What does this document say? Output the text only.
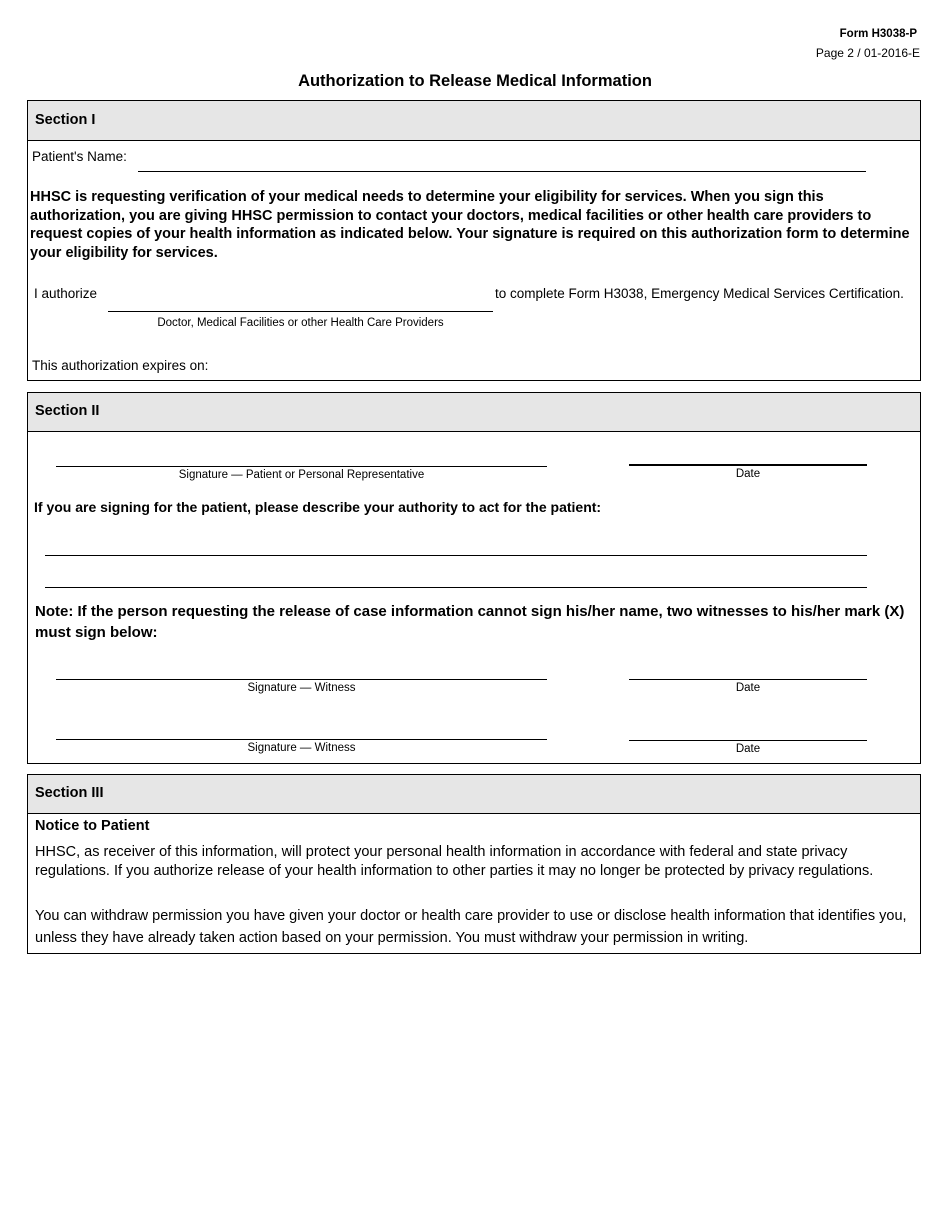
Form H3038-P
Page 2 / 01-2016-E
Authorization to Release Medical Information
Section I
Patient's Name:
HHSC is requesting verification of your medical needs to determine your eligibility for services. When you sign this authorization, you are giving HHSC permission to contact your doctors, medical facilities or other health care providers to request copies of your health information as indicated below. Your signature is required on this authorization form to determine your eligibility for services.
I authorize	to complete Form H3038, Emergency Medical Services Certification.
Doctor, Medical Facilities or other Health Care Providers
This authorization expires on:
Section II
Signature — Patient or Personal Representative	Date
If you are signing for the patient, please describe your authority to act for the patient:
Note: If the person requesting the release of case information cannot sign his/her name, two witnesses to his/her mark (X) must sign below:
Signature — Witness	Date
Signature — Witness	Date
Section III
Notice to Patient
HHSC, as receiver of this information, will protect your personal health information in accordance with federal and state privacy regulations. If you authorize release of your health information to other parties it may no longer be protected by privacy regulations.
You can withdraw permission you have given your doctor or health care provider to use or disclose health information that identifies you, unless they have already taken action based on your permission. You must withdraw your permission in writing.
